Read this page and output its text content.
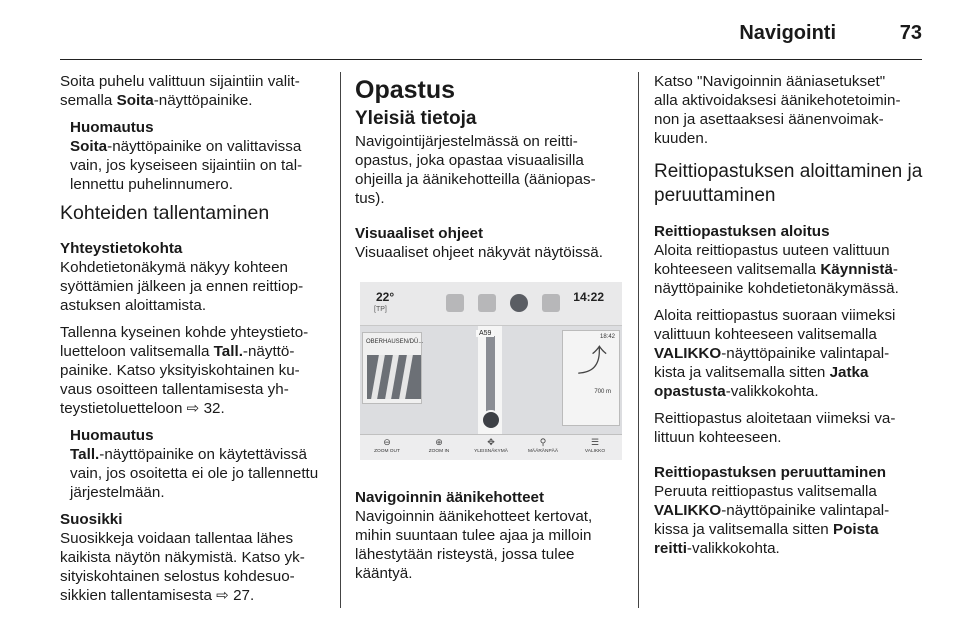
Navigointi	73

Soita puhelu valittuun sijaintiin valit-
semalla Soita-näyttöpainike.

Huomautus
Soita-näyttöpainike on valittavissa
vain, jos kyseiseen sijaintiin on tal-
lennettu puhelinnumero.
Kohteiden tallentaminen
Yhteystietokohta

Kohdetietonäkymä näkyy kohteen
syöttämien jälkeen ja ennen reittiop-
astuksen aloittamista.

Tallenna kyseinen kohde yhteystieto-
luetteloon valitsemalla Tall.-näyttö-
painike. Katso yksityiskohtainen ku-
vaus osoitteen tallentamisesta yh-
teystietoluetteloon ⇨ 32.

Huomautus
Tall.-näyttöpainike on käytettävissä
vain, jos osoitetta ei ole jo tallennettu
järjestelmään.
Suosikki

Suosikkeja voidaan tallentaa lähes
kaikista näytön näkymistä. Katso yk-
sityiskohtainen selostus kohdesuo-
sikkien tallentamisesta ⇨ 27.

Opastus
Yleisiä tietoja

Navigointijärjestelmässä on reitti-
opastus, joka opastaa visuaalisilla
ohjeilla ja äänikehotteilla (ääniopas-
tus).

Visuaaliset ohjeet

Visuaaliset ohjeet näkyvät näytöissä.

Navigoinnin äänikehotteet

Navigoinnin äänikehotteet kertovat,
mihin suuntaan tulee ajaa ja milloin
lähestytään risteystä, jossa tulee
kääntyä.

22°
[TP]
14:22
A59
OBERHAUSEN/DÜ...
18:42
⤴
700 m
⊖
ZOOM OUT
⊕
ZOOM IN
✥
YLEISNÄKYMÄ
⚲
MÄÄRÄNPÄÄ
☰
VALIKKO

Katso "Navigoinnin ääniasetukset"
alla aktivoidaksesi äänikehotetoimin-
non ja asettaaksesi äänenvoimak-
kuuden.

Reittiopastuksen aloittaminen ja
peruuttaminen
Reittiopastuksen aloitus

Aloita reittiopastus uuteen valittuun
kohteeseen valitsemalla Käynnistä-
näyttöpainike kohdetietonäkymässä.

Aloita reittiopastus suoraan viimeksi
valittuun kohteeseen valitsemalla
VALIKKO-näyttöpainike valintapal-
kista ja valitsemalla sitten Jatka
opastusta-valikkokohta.

Reittiopastus aloitetaan viimeksi va-
littuun kohteeseen.

Reittiopastuksen peruuttaminen

Peruuta reittiopastus valitsemalla
VALIKKO-näyttöpainike valintapal-
kissa ja valitsemalla sitten Poista
reitti-valikkokohta.
